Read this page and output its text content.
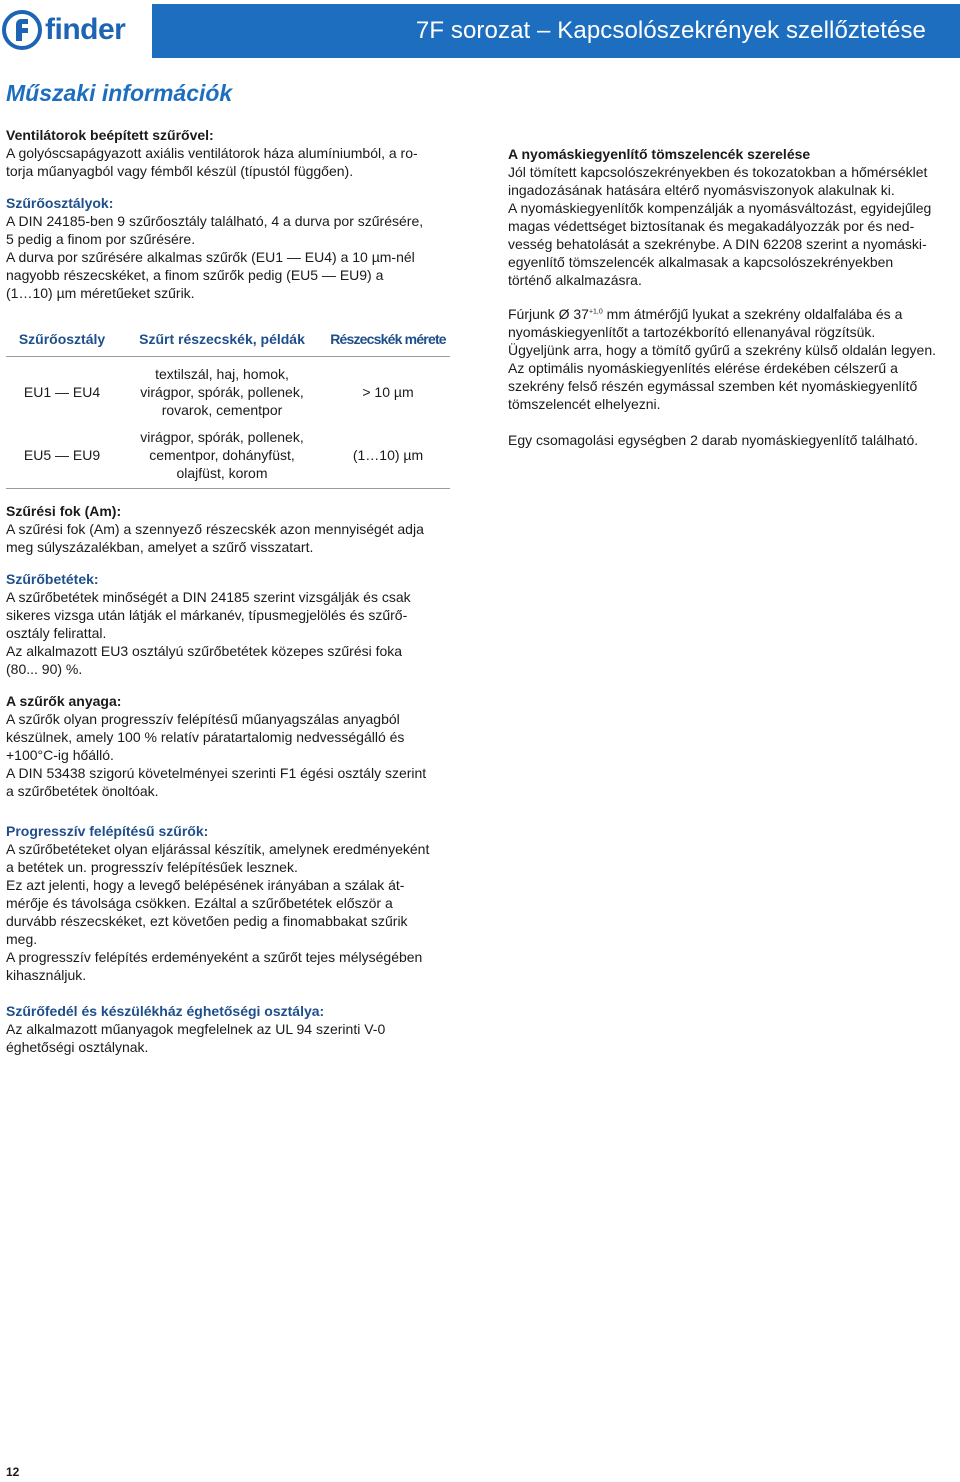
finder	7F sorozat – Kapcsolószekrények szellőztetése
Műszaki információk

Ventilátorok beépített szűrővel:

A golyóscsapágyazott axiális ventilátorok háza alumíniumból, a ro-

torja műanyagból vagy fémből készül (típustól függően).

Szűrőosztályok:

A DIN 24185-ben 9 szűrőosztály található, 4 a durva por szűrésére,

5 pedig a finom por szűrésére.

A durva por szűrésére alkalmas szűrők (EU1 — EU4) a 10 µm-nél

nagyobb részecskéket, a finom szűrők pedig (EU5 — EU9) a

(1…10) µm méretűeket szűrik.

Szűrőosztály	Szűrt részecskék, példák	Részecskék mérete
EU1 — EU4	textilszál, haj, homok,
virágpor, spórák, pollenek,
rovarok, cementpor	> 10 µm
EU5 — EU9	virágpor, spórák, pollenek,
cementpor, dohányfüst,
olajfüst, korom	(1…10) µm

Szűrési fok (Am):

A szűrési fok (Am) a szennyező részecskék azon mennyiségét adja

meg súlyszázalékban, amelyet a szűrő visszatart.

Szűrőbetétek:

A szűrőbetétek minőségét a DIN 24185 szerint vizsgálják és csak

sikeres vizsga után látják el márkanév, típusmegjelölés és szűrő-

osztály felirattal.

Az alkalmazott EU3 osztályú szűrőbetétek közepes szűrési foka

(80... 90) %.

A szűrők anyaga:

A szűrők olyan progresszív felépítésű műanyagszálas anyagból

készülnek, amely 100 % relatív páratartalomig nedvességálló és

+100°C-ig hőálló.

A DIN 53438 szigorú követelményei szerinti F1 égési osztály szerint

a szűrőbetétek önoltóak.

Progresszív felépítésű szűrők:

A szűrőbetéteket olyan eljárással készítik, amelynek eredményeként

a betétek un. progresszív felépítésűek lesznek.

Ez azt jelenti, hogy a levegő belépésének irányában a szálak át-

mérője és távolsága csökken. Ezáltal a szűrőbetétek először a

durvább részecskéket, ezt követően pedig a finomabbakat szűrik

meg.

A progresszív felépítés erdeményeként a szűrőt tejes mélységében

kihasználjuk.

Szűrőfedél és készülékház éghetőségi osztálya:

Az alkalmazott műanyagok megfelelnek az UL 94 szerinti V-0

éghetőségi osztálynak.

A nyomáskiegyenlítő tömszelencék szerelése

Jól tömített kapcsolószekrényekben és tokozatokban a hőmérséklet

ingadozásának hatására eltérő nyomásviszonyok alakulnak ki.

A nyomáskiegyenlítők kompenzálják a nyomásváltozást, egyidejűleg

magas védettséget biztosítanak és megakadályozzák por és ned-

vesség behatolását a szekrénybe. A DIN 62208 szerint a nyomáski-

egyenlítő tömszelencék alkalmasak a kapcsolószekrényekben

történő alkalmazásra.

Fúrjunk Ø $37^{+1,0}$ mm átmérőjű lyukat a szekrény oldalfalába és a

nyomáskiegyenlítőt a tartozékborító ellenanyával rögzítsük.

Ügyeljünk arra, hogy a tömítő gyűrű a szekrény külső oldalán legyen.

Az optimális nyomáskiegyenlítés elérése érdekében célszerű a

szekrény felső részén egymással szemben két nyomáskiegyenlítő

tömszelencét elhelyezni.

Egy csomagolási egységben 2 darab nyomáskiegyenlítő található.

12
